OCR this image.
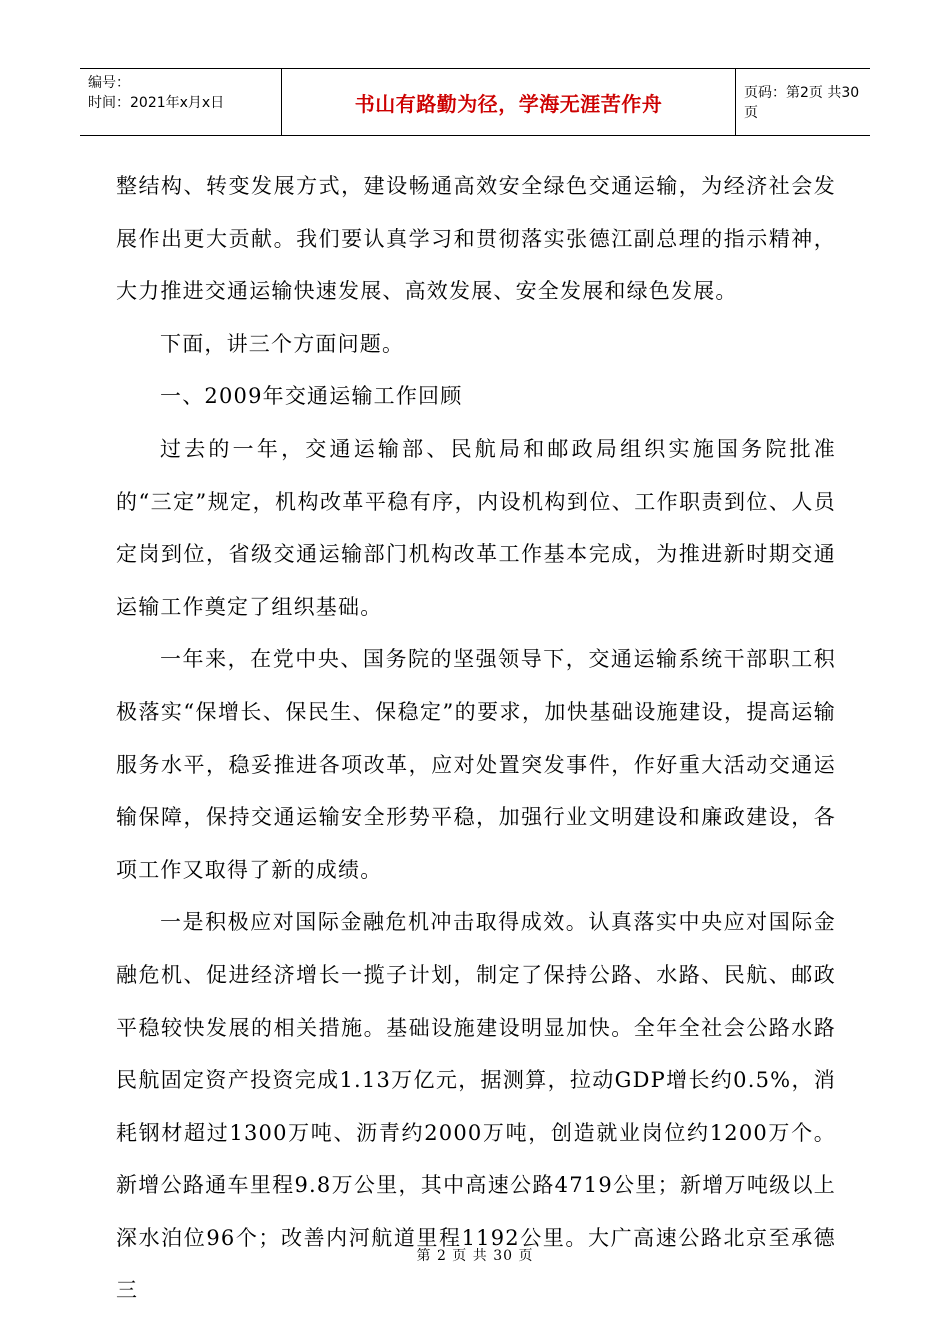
编号：
时间：2021年x月x日	书山有路勤为径，学海无涯苦作舟	页码：第2页 共30页

整结构、转变发展方式，建设畅通高效安全绿色交通运输，为经济社会发展作出更大贡献。我们要认真学习和贯彻落实张德江副总理的指示精神，大力推进交通运输快速发展、高效发展、安全发展和绿色发展。

下面，讲三个方面问题。

一、2009年交通运输工作回顾

过去的一年，交通运输部、民航局和邮政局组织实施国务院批准的“三定”规定，机构改革平稳有序，内设机构到位、工作职责到位、人员定岗到位，省级交通运输部门机构改革工作基本完成，为推进新时期交通运输工作奠定了组织基础。

一年来，在党中央、国务院的坚强领导下，交通运输系统干部职工积极落实“保增长、保民生、保稳定”的要求，加快基础设施建设，提高运输服务水平，稳妥推进各项改革，应对处置突发事件，作好重大活动交通运输保障，保持交通运输安全形势平稳，加强行业文明建设和廉政建设，各项工作又取得了新的成绩。

一是积极应对国际金融危机冲击取得成效。认真落实中央应对国际金融危机、促进经济增长一揽子计划，制定了保持公路、水路、民航、邮政平稳较快发展的相关措施。基础设施建设明显加快。全年全社会公路水路民航固定资产投资完成1.13万亿元，据测算，拉动GDP增长约0.5%，消耗钢材超过1300万吨、沥青约2000万吨，创造就业岗位约1200万个。新增公路通车里程9.8万公里，其中高速公路4719公里；新增万吨级以上深水泊位96个；改善内河航道里程1192公里。大广高速公路北京至承德三

第 2 页 共 30 页
